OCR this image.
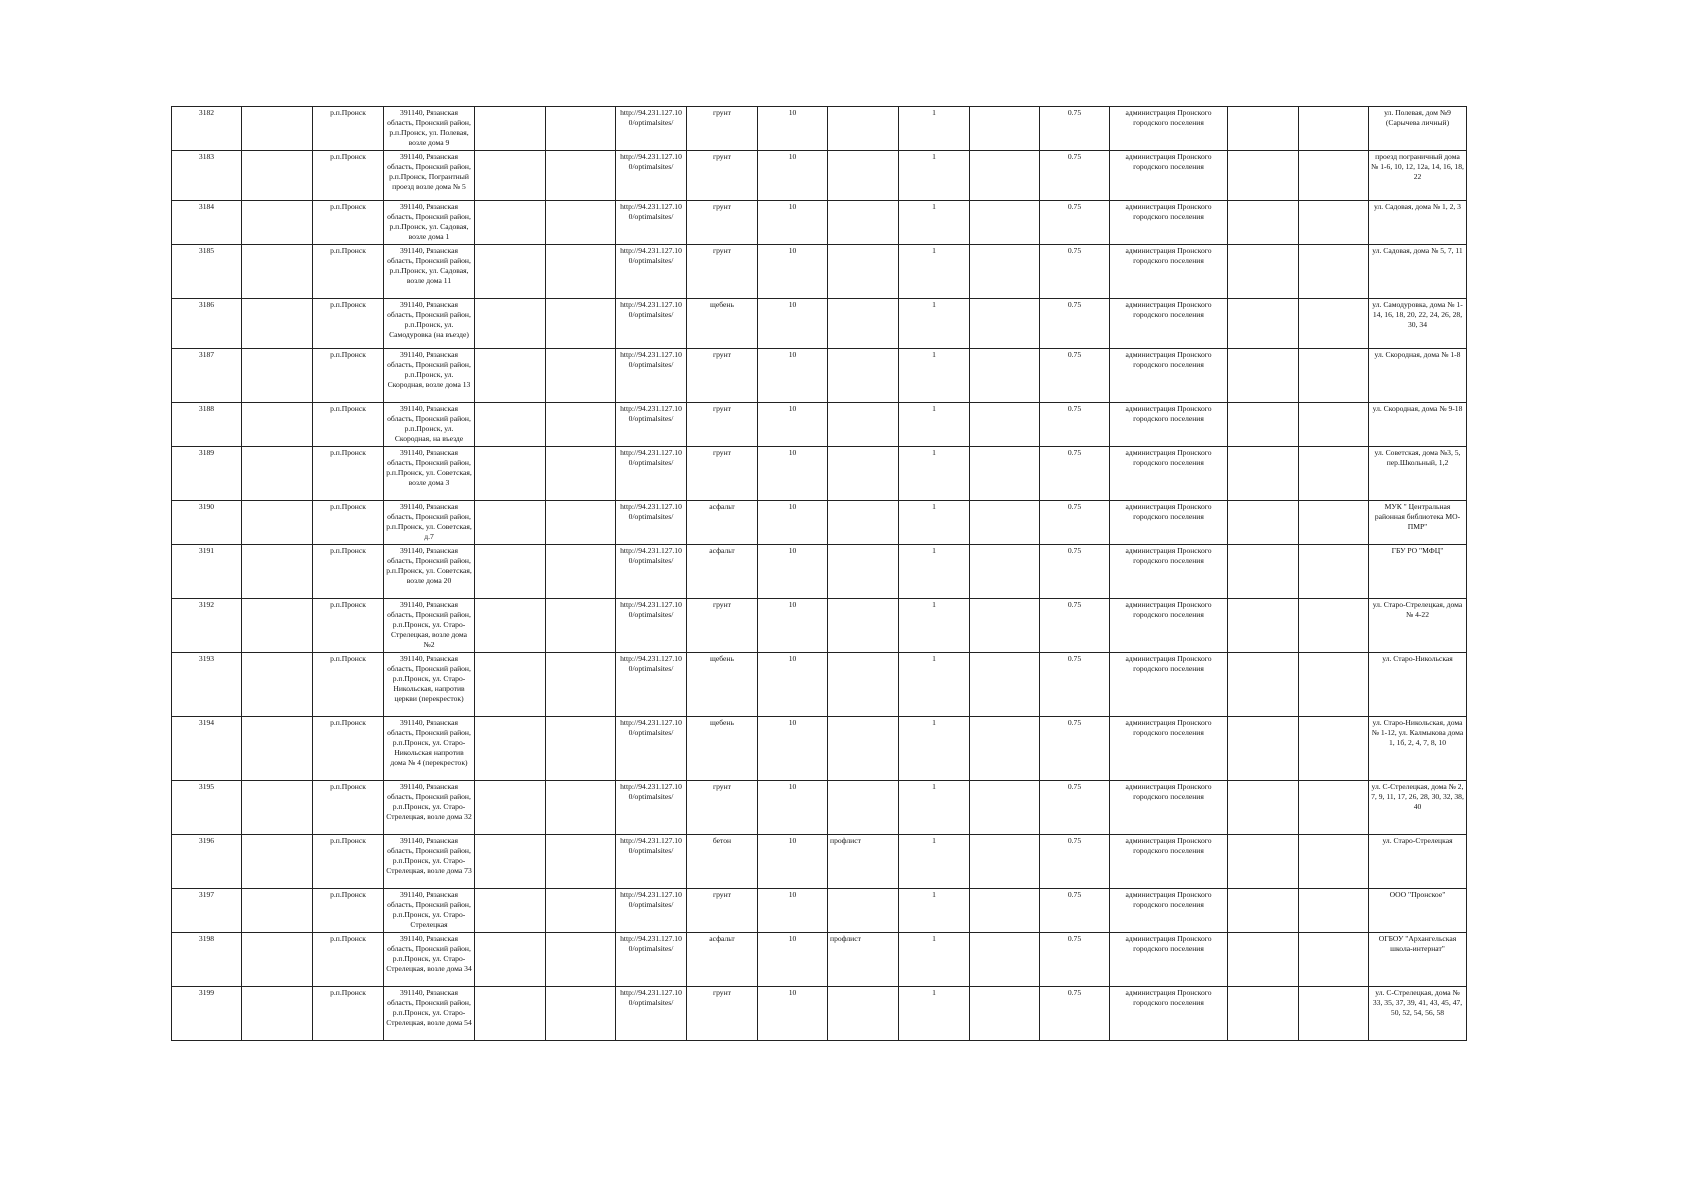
3182		р.п.Пронск	391140, Рязанская область, Пронский район, р.п.Пронск, ул. Полевая, возле дома 9			http://94.231.127.10 0/optimalsites/	грунт	10		1		0.75	администрация Пронского городского поселения			ул. Полевая, дом №9 (Сарычева личный)
3183		р.п.Пронск	391140, Рязанская область, Пронский район, р.п.Пронск, Погрантный проезд возле дома № 5			http://94.231.127.10 0/optimalsites/	грунт	10		1		0.75	администрация Пронского городского поселения			проезд пограничный дома № 1-6, 10, 12, 12а, 14, 16, 18, 22
3184		р.п.Пронск	391140, Рязанская область, Пронский район, р.п.Пронск, ул. Садовая, возле дома 1			http://94.231.127.10 0/optimalsites/	грунт	10		1		0.75	администрация Пронского городского поселения			ул. Садовая, дома № 1, 2, 3
3185		р.п.Пронск	391140, Рязанская область, Пронский район, р.п.Пронск, ул. Садовая, возле дома 11			http://94.231.127.10 0/optimalsites/	грунт	10		1		0.75	администрация Пронского городского поселения			ул. Садовая, дома № 5, 7, 11
3186		р.п.Пронск	391140, Рязанская область, Пронский район, р.п.Пронск, ул. Самодуровка (на въезде)			http://94.231.127.10 0/optimalsites/	щебень	10		1		0.75	администрация Пронского городского поселения			ул. Самодуровка, дома № 1-14, 16, 18, 20, 22, 24, 26, 28, 30, 34
3187		р.п.Пронск	391140, Рязанская область, Пронский район, р.п.Пронск, ул. Скородная, возле дома 13			http://94.231.127.10 0/optimalsites/	грунт	10		1		0.75	администрация Пронского городского поселения			ул. Скородная, дома № 1-8
3188		р.п.Пронск	391140, Рязанская область, Пронский район, р.п.Пронск, ул. Скородная, на въезде			http://94.231.127.10 0/optimalsites/	грунт	10		1		0.75	администрация Пронского городского поселения			ул. Скородная, дома № 9-18
3189		р.п.Пронск	391140, Рязанская область, Пронский район, р.п.Пронск, ул. Советская, возле дома 3			http://94.231.127.10 0/optimalsites/	грунт	10		1		0.75	администрация Пронского городского поселения			ул. Советская, дома №3, 5, пер.Школьный, 1,2
3190		р.п.Пронск	391140, Рязанская область, Пронский район, р.п.Пронск, ул. Советская, д.7			http://94.231.127.10 0/optimalsites/	асфальт	10		1		0.75	администрация Пронского городского поселения			МУК " Центральная районная библиотека МО-ПМР"
3191		р.п.Пронск	391140, Рязанская область, Пронский район, р.п.Пронск, ул. Советская, возле дома 20			http://94.231.127.10 0/optimalsites/	асфальт	10		1		0.75	администрация Пронского городского поселения			ГБУ РО "МФЦ"
3192		р.п.Пронск	391140, Рязанская область, Пронский район, р.п.Пронск, ул. Старо-Стрелецкая, возле дома №2			http://94.231.127.10 0/optimalsites/	грунт	10		1		0.75	администрация Пронского городского поселения			ул. Старо-Стрелецкая, дома № 4-22
3193		р.п.Пронск	391140, Рязанская область, Пронский район, р.п.Пронск, ул. Старо-Никольская, напротив церкви (перекресток)			http://94.231.127.10 0/optimalsites/	щебень	10		1		0.75	администрация Пронского городского поселения			ул. Старо-Никольская
3194		р.п.Пронск	391140, Рязанская область, Пронский район, р.п.Пронск, ул. Старо-Никольская напротив дома № 4 (перекресток)			http://94.231.127.10 0/optimalsites/	щебень	10		1		0.75	администрация Пронского городского поселения			ул. Старо-Никольская, дома № 1-12, ул. Калмыкова дома 1, 1б, 2, 4, 7, 8, 10
3195		р.п.Пронск	391140, Рязанская область, Пронский район, р.п.Пронск, ул. Старо-Стрелецкая, возле дома 32			http://94.231.127.10 0/optimalsites/	грунт	10		1		0.75	администрация Пронского городского поселения			ул. С-Стрелецкая, дома № 2, 7, 9, 11, 17, 26, 28, 30, 32, 38, 40
3196		р.п.Пронск	391140, Рязанская область, Пронский район, р.п.Пронск, ул. Старо-Стрелецкая, возле дома 73			http://94.231.127.10 0/optimalsites/	бетон	10	профлист	1		0.75	администрация Пронского городского поселения			ул. Старо-Стрелецкая
3197		р.п.Пронск	391140, Рязанская область, Пронский район, р.п.Пронск, ул. Старо-Стрелецкая			http://94.231.127.10 0/optimalsites/	грунт	10		1		0.75	администрация Пронского городского поселения			ООО "Пронское"
3198		р.п.Пронск	391140, Рязанская область, Пронский район, р.п.Пронск, ул. Старо-Стрелецкая, возле дома 34			http://94.231.127.10 0/optimalsites/	асфальт	10	профлист	1		0.75	администрация Пронского городского поселения			ОГБОУ "Архангельская школа-интернат"
3199		р.п.Пронск	391140, Рязанская область, Пронский район, р.п.Пронск, ул. Старо-Стрелецкая, возле дома 54			http://94.231.127.10 0/optimalsites/	грунт	10		1		0.75	администрация Пронского городского поселения			ул. С-Стрелецкая, дома № 33, 35, 37, 39, 41, 43, 45, 47, 50, 52, 54, 56, 58
